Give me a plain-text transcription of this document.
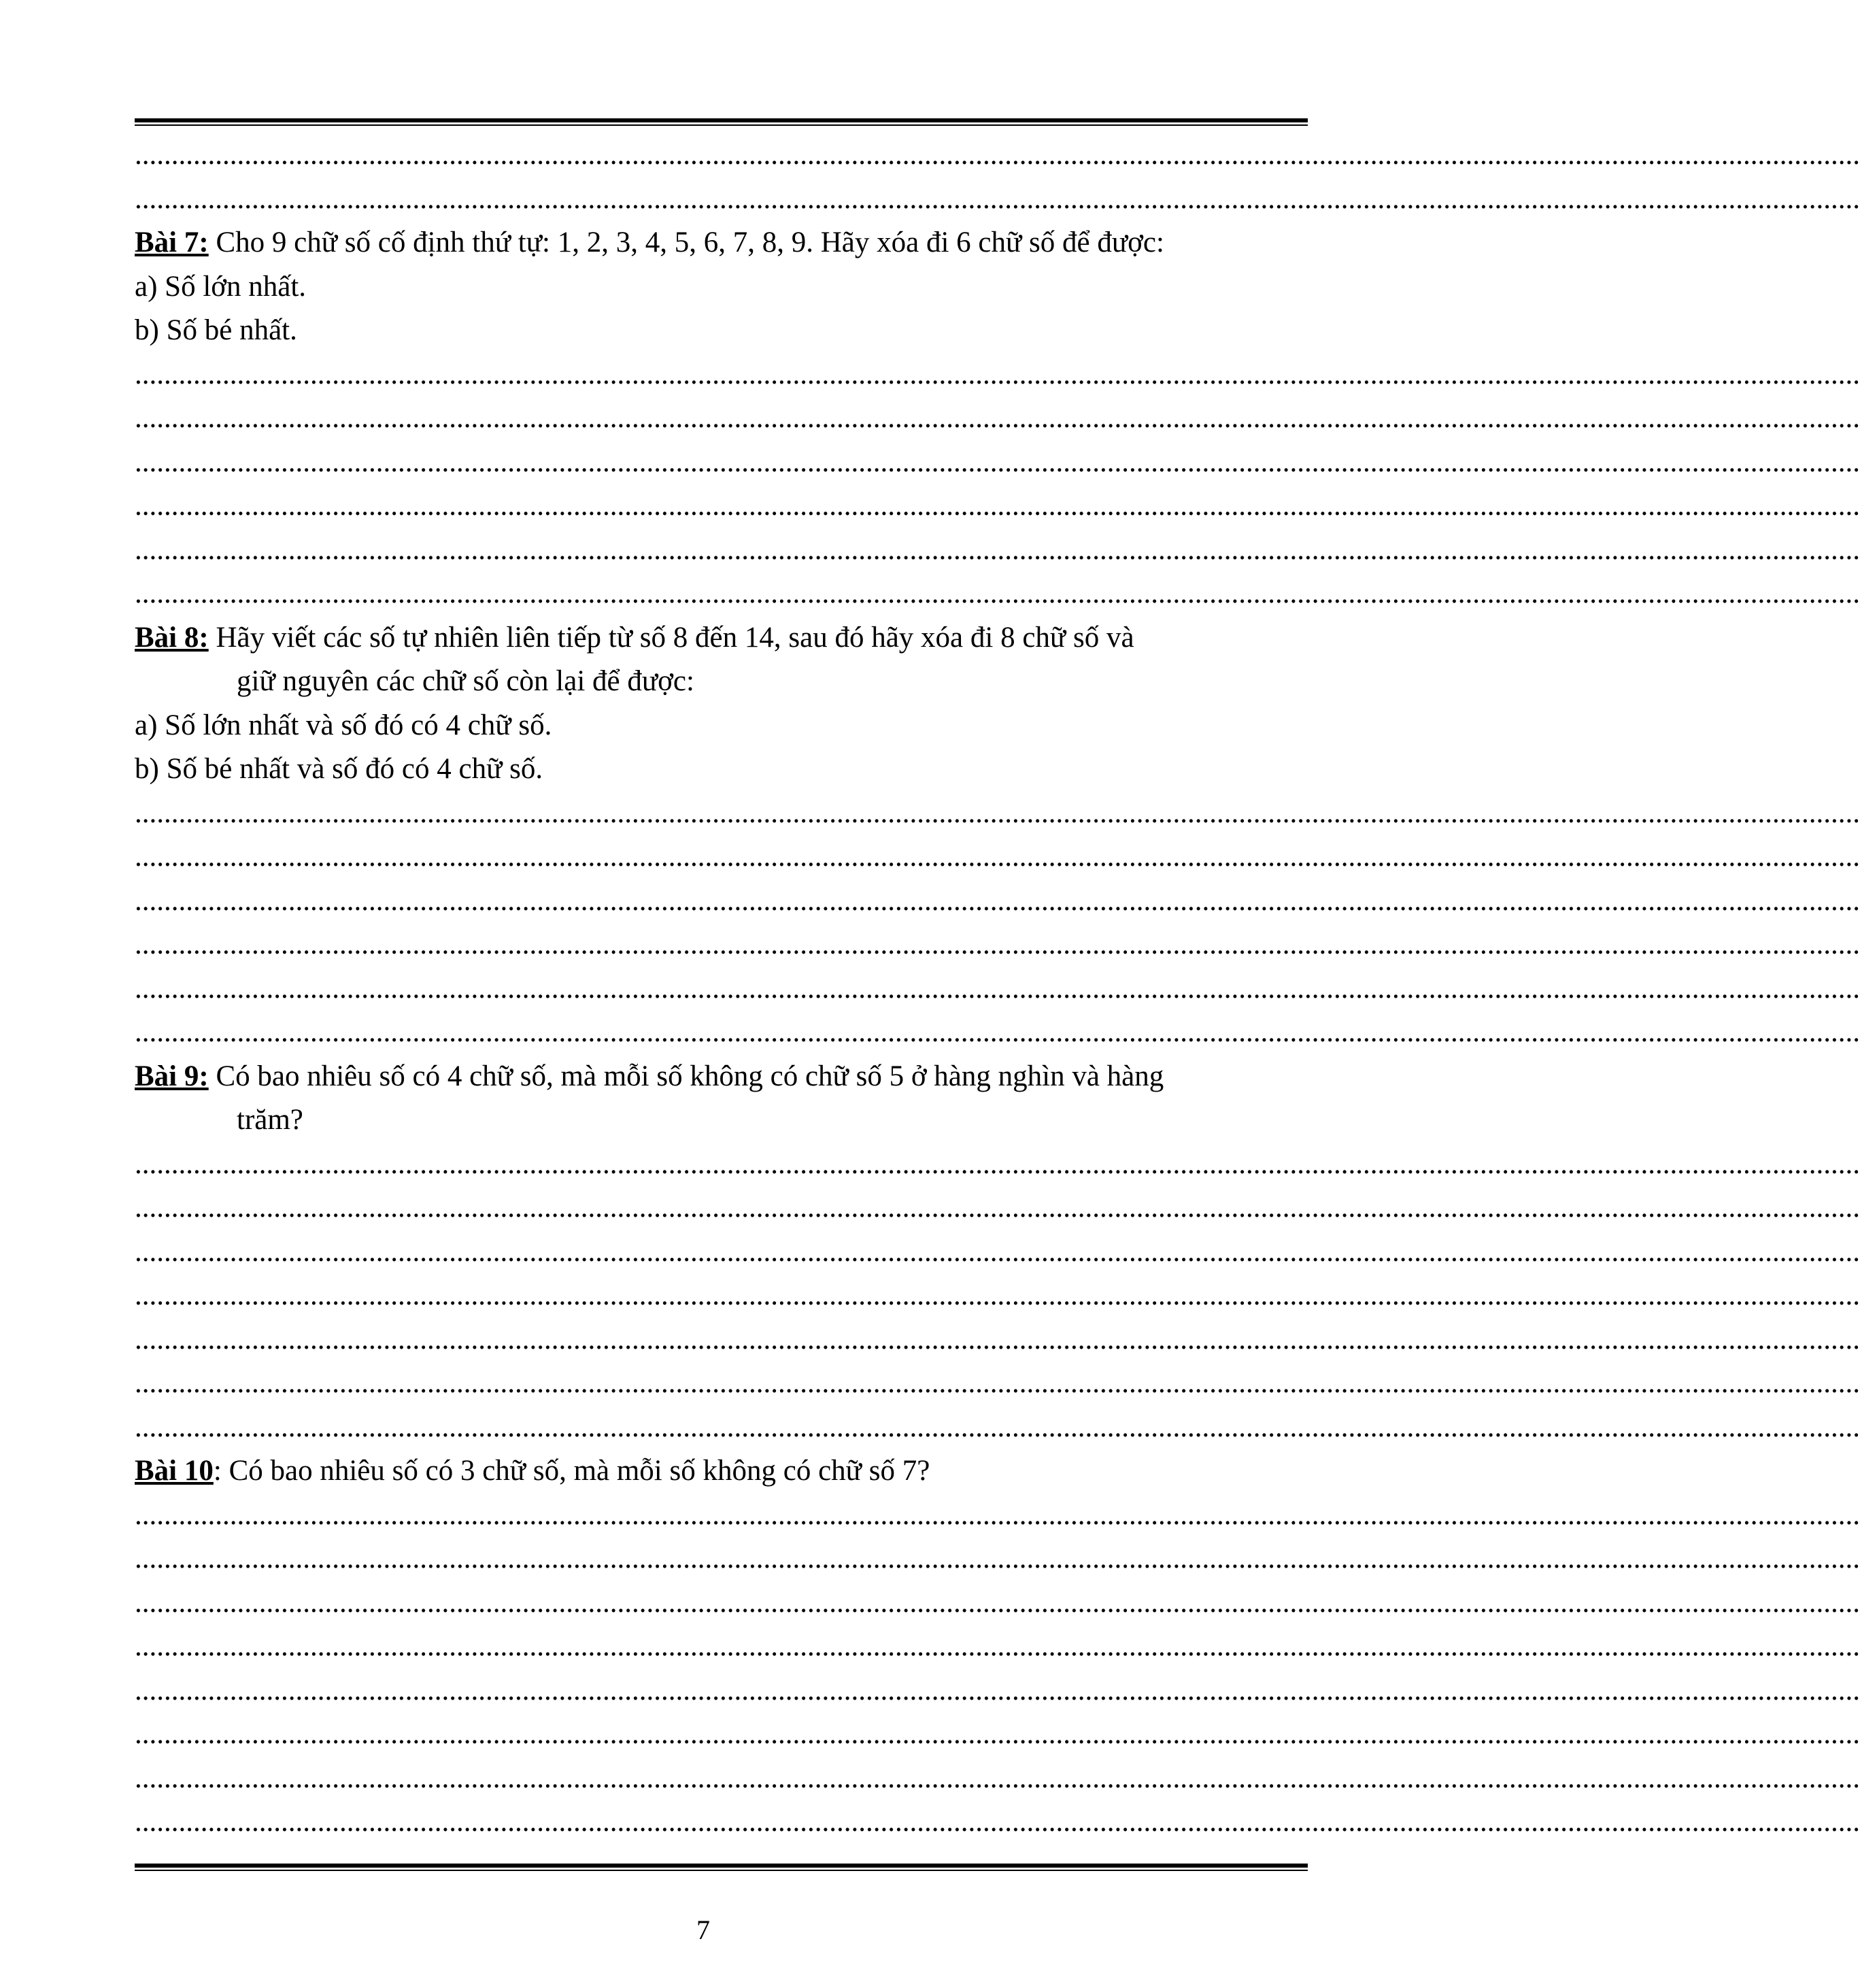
............................................................................................................................................................................................................................................
............................................................................................................................................................................................................................................

Bài 7: Cho 9 chữ số cố định thứ tự: 1, 2, 3, 4, 5, 6, 7, 8, 9. Hãy xóa đi 6 chữ số để được:

a) Số lớn nhất.

b) Số bé nhất.

............................................................................................................................................................................................................................................
............................................................................................................................................................................................................................................
............................................................................................................................................................................................................................................
............................................................................................................................................................................................................................................
............................................................................................................................................................................................................................................
............................................................................................................................................................................................................................................

Bài 8: Hãy viết các số tự nhiên liên tiếp từ số 8 đến 14, sau đó hãy xóa đi 8 chữ số và

giữ nguyên các chữ số còn lại để được:

a) Số lớn nhất và số đó có 4 chữ số.

b) Số bé nhất và số đó có 4 chữ số.

............................................................................................................................................................................................................................................
............................................................................................................................................................................................................................................
............................................................................................................................................................................................................................................
............................................................................................................................................................................................................................................
............................................................................................................................................................................................................................................
............................................................................................................................................................................................................................................

Bài 9: Có bao nhiêu số có 4 chữ số, mà mỗi số không có chữ số 5 ở hàng nghìn và hàng

trăm?

............................................................................................................................................................................................................................................
............................................................................................................................................................................................................................................
............................................................................................................................................................................................................................................
............................................................................................................................................................................................................................................
............................................................................................................................................................................................................................................
............................................................................................................................................................................................................................................
............................................................................................................................................................................................................................................

Bài 10: Có bao nhiêu số có 3 chữ số, mà mỗi số không có chữ số 7?

............................................................................................................................................................................................................................................
............................................................................................................................................................................................................................................
............................................................................................................................................................................................................................................
............................................................................................................................................................................................................................................
............................................................................................................................................................................................................................................
............................................................................................................................................................................................................................................
............................................................................................................................................................................................................................................
............................................................................................................................................................................................................................................
7
